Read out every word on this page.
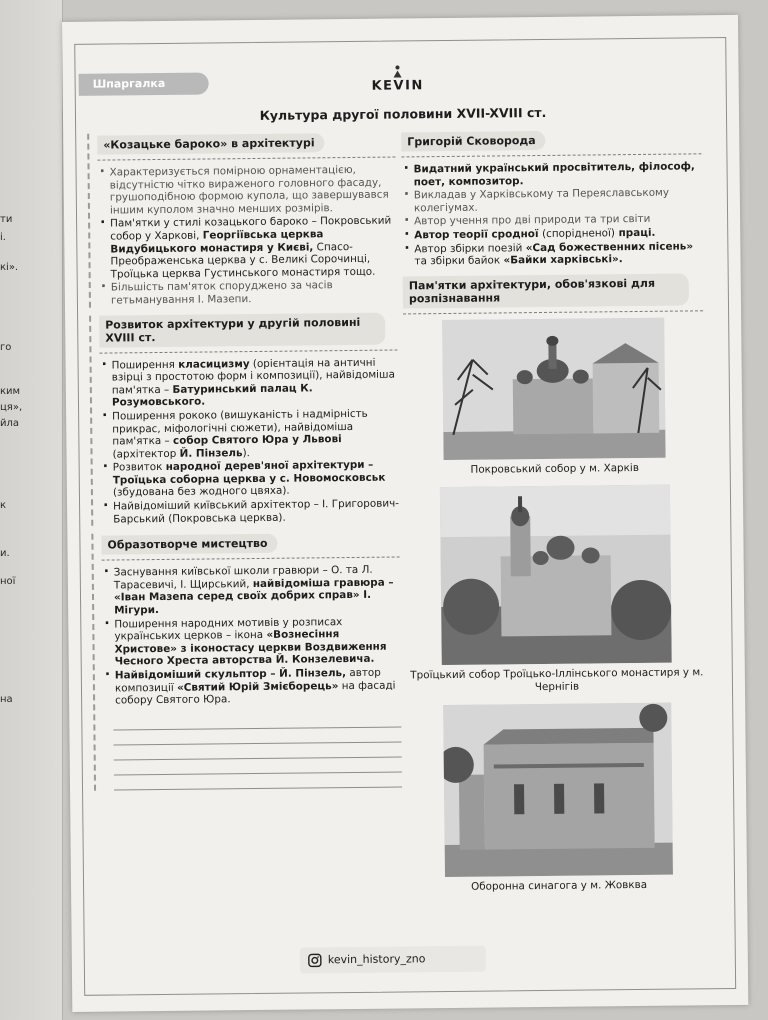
ти
і.
кі».
го
ким
ця»,
йла
к
и.
ної
на
Шпаргалка	KEVIN
Культура другої половини XVII-XVIII ст.
«Козацьке бароко» в архітектурі
· Характеризується помірною орнаментацією, відсутністю чітко вираженого головного фасаду, грушоподібною формою купола, що завершувався іншим куполом значно менших розмірів.
· Пам'ятки у стилі козацького бароко – Покровський собор у Харкові, Георгіївська церква Видубицького монастиря у Києві, Спасо-Преображенська церква у с. Великі Сорочинці, Троїцька церква Густинського монастиря тощо.
· Більшість пам'яток споруджено за часів гетьманування І. Мазепи.
Розвиток архітектури у другій половині XVIII ст.
· Поширення класицизму (орієнтація на античні взірці з простотою форм і композиції), найвідоміша пам'ятка – Батуринський палац К. Розумовського.
· Поширення рококо (вишуканість і надмірність прикрас, міфологічні сюжети), найвідоміша пам'ятка – собор Святого Юра у Львові (архітектор Й. Пінзель).
· Розвиток народної дерев'яної архітектури – Троїцька соборна церква у с. Новомосковськ (збудована без жодного цвяха).
· Найвідоміший київський архітектор – І. Григорович-Барський (Покровська церква).
Образотворче мистецтво
· Заснування київської школи гравюри – О. та Л. Тарасевичі, І. Щирський, найвідоміша гравюра – «Іван Мазепа серед своїх добрих справ» І. Мігури.
· Поширення народних мотивів у розписах українських церков – ікона «Вознесіння Христове» з іконостасу церкви Воздвиження Чесного Хреста авторства Й. Конзелевича.
· Найвідоміший скульптор – Й. Пінзель, автор композиції «Святий Юрій Змієборець» на фасаді собору Святого Юра.
Григорій Сковорода
· Видатний український просвітитель, філософ, поет, композитор.
· Викладав у Харківському та Переяславському колегіумах.
· Автор учення про дві природи та три світи
· Автор теорії сродної (спорідненої) праці.
· Автор збірки поезій «Сад божественних пісень» та збірки байок «Байки харківські».
Пам'ятки архітектури, обов'язкові для розпізнавання
Покровський собор у м. Харків
Троїцький собор Троїцько-Іллінського монастиря у м. Чернігів
Оборонна синагога у м. Жовква
kevin_history_zno
